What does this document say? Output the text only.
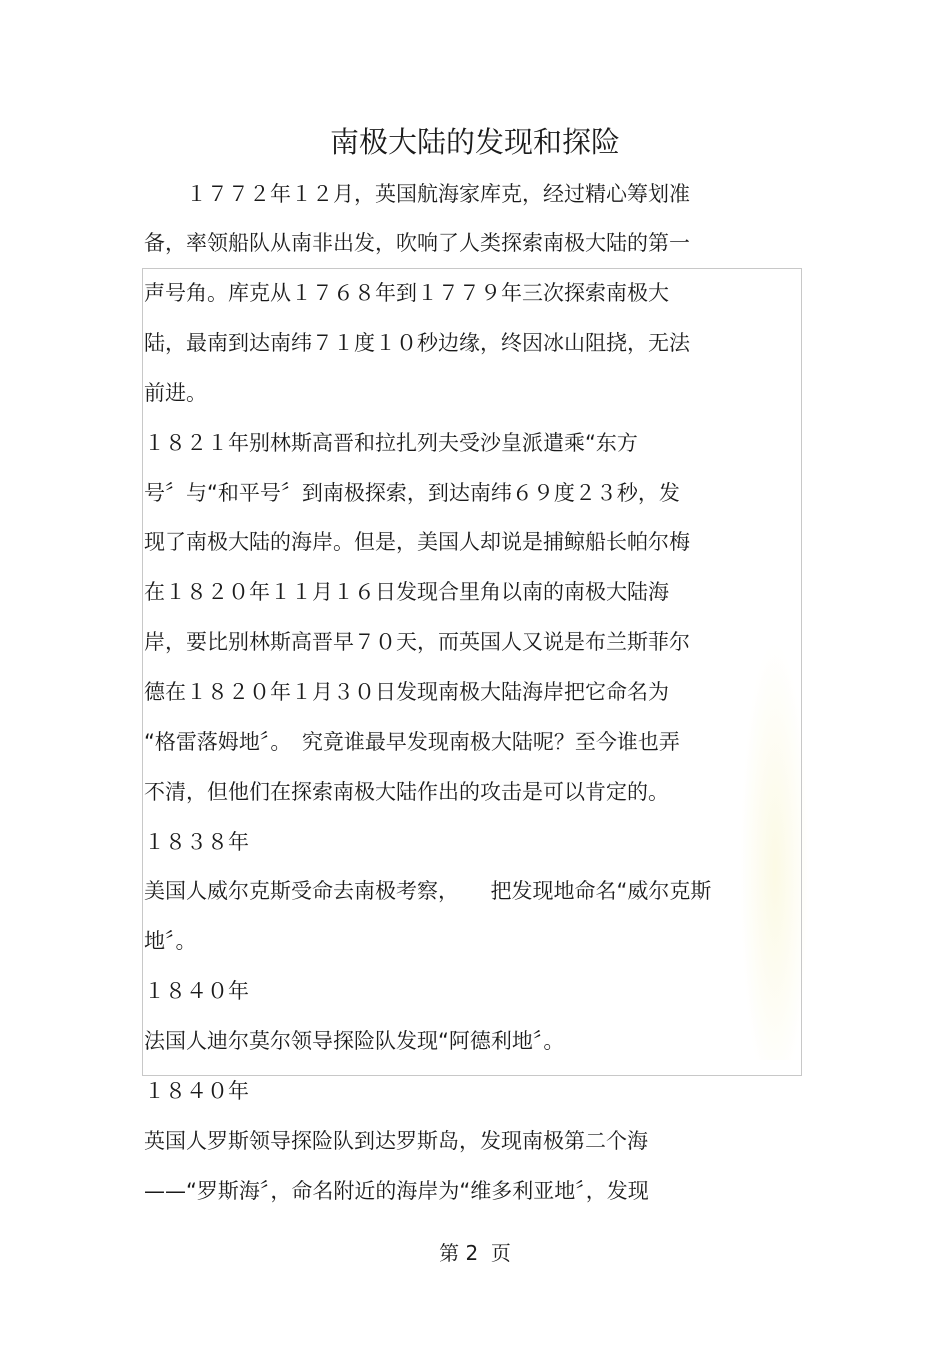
南极大陆的发现和探险
　　１７７２年１２月，英国航海家库克，经过精心筹划准
备，率领船队从南非出发，吹响了人类探索南极大陆的第一
声号角。库克从１７６８年到１７７９年三次探索南极大
陆，最南到达南纬７１度１０秒边缘，终因冰山阻挠，无法
前进。
１８２１年别林斯高晋和拉扎列夫受沙皇派遣乘“东方
号〞与“和平号〞到南极探索，到达南纬６９度２３秒，发
现了南极大陆的海岸。但是，美国人却说是捕鲸船长帕尔梅
在１８２０年１１月１６日发现合里角以南的南极大陆海
岸，要比别林斯高晋早７０天，而英国人又说是布兰斯菲尔
德在１８２０年１月３０日发现南极大陆海岸把它命名为
“格雷落姆地〞。　究竟谁最早发现南极大陆呢？至今谁也弄
不清，但他们在探索南极大陆作出的攻击是可以肯定的。
１８３８年
美国人威尔克斯受命去南极考察，　　把发现地命名“威尔克斯
地〞。
１８４０年
法国人迪尔莫尔领导探险队发现“阿德利地〞。
１８４０年
英国人罗斯领导探险队到达罗斯岛，发现南极第二个海
——“罗斯海〞，命名附近的海岸为“维多利亚地〞，发现
第 2  页
